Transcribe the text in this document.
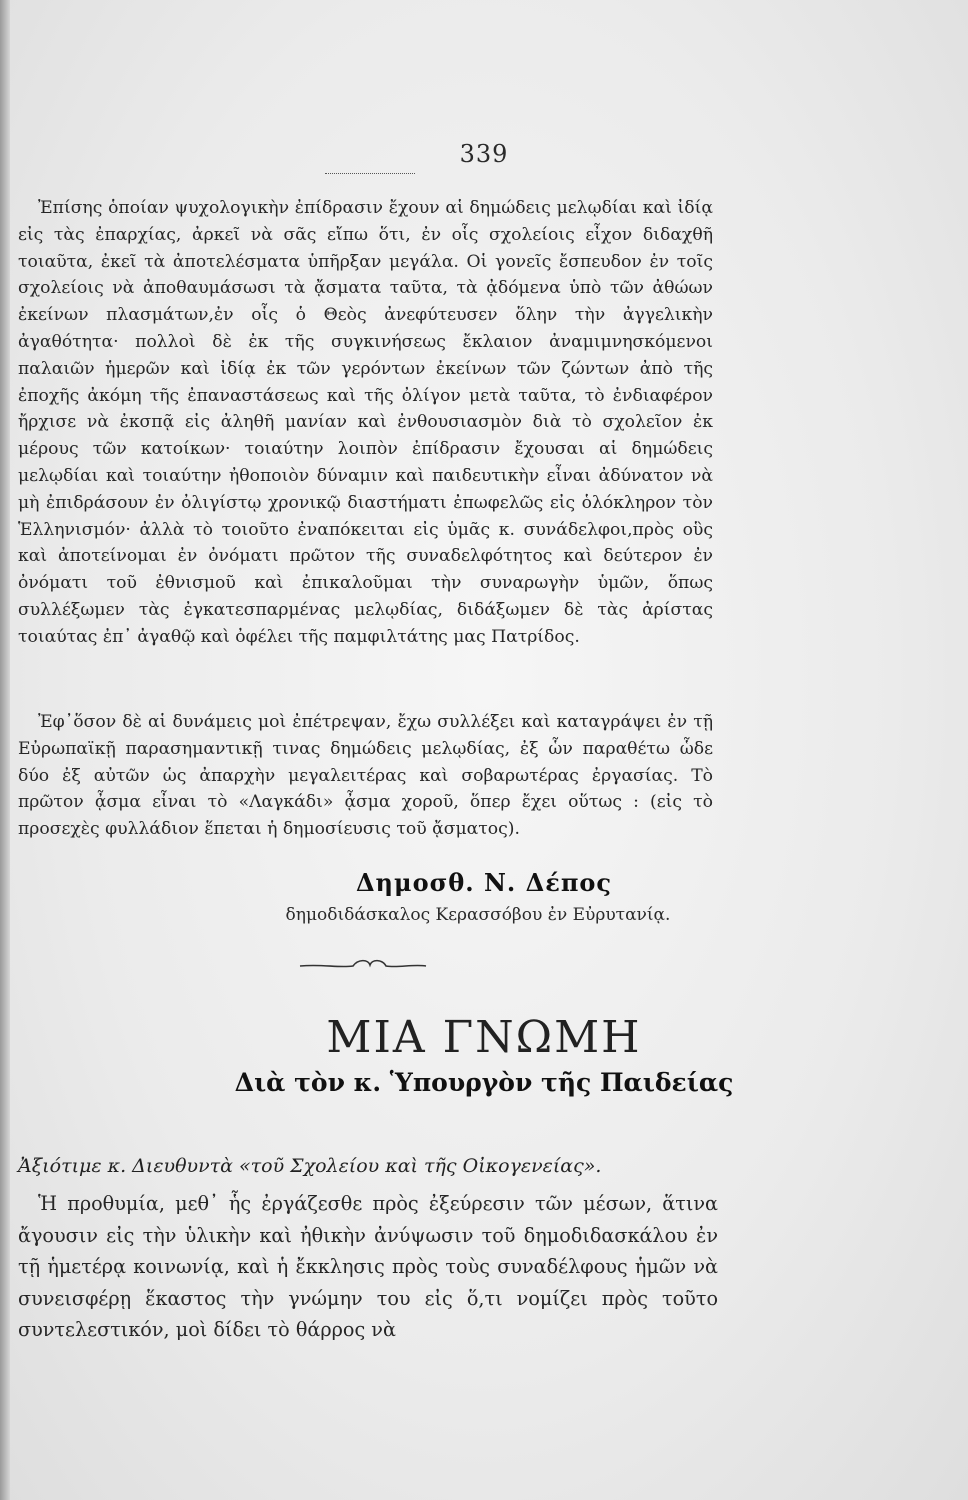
339

Ἐπίσης ὁποίαν ψυχολογικὴν ἐπίδρασιν ἔχουν αἱ δημώδεις μελῳδίαι καὶ ἰδίᾳ εἰς τὰς ἐπαρχίας, ἀρκεῖ νὰ σᾶς εἴπω ὅτι, ἐν οἷς σχολείοις εἶχον διδαχθῆ τοιαῦτα, ἐκεῖ τὰ ἀποτελέσματα ὑπῆρξαν μεγάλα. Οἱ γονεῖς ἔσπευδον ἐν τοῖς σχολείοις νὰ ἀποθαυμάσωσι τὰ ᾄσματα ταῦτα, τὰ ᾀδόμενα ὑπὸ τῶν ἀθώων ἐκείνων πλασμάτων,ἐν οἷς ὁ Θεὸς ἀνεφύτευσεν ὅλην τὴν ἀγγελικὴν ἀγαθότητα· πολλοὶ δὲ ἐκ τῆς συγκινήσεως ἔκλαιον ἀναμιμνησκόμενοι παλαιῶν ἡμερῶν καὶ ἰδίᾳ ἐκ τῶν γερόντων ἐκείνων τῶν ζώντων ἀπὸ τῆς ἐποχῆς ἀκόμη τῆς ἐπαναστάσεως καὶ τῆς ὀλίγον μετὰ ταῦτα, τὸ ἐνδιαφέρον ἤρχισε νὰ ἐκσπᾷ εἰς ἀληθῆ μανίαν καὶ ἐνθουσιασμὸν διὰ τὸ σχολεῖον ἐκ μέρους τῶν κατοίκων· τοιαύτην λοιπὸν ἐπίδρασιν ἔχουσαι αἱ δημώδεις μελῳδίαι καὶ τοιαύτην ἠθοποιὸν δύναμιν καὶ παιδευτικὴν εἶναι ἀδύνατον νὰ μὴ ἐπιδράσουν ἐν ὀλιγίστῳ χρονικῷ διαστήματι ἐπωφελῶς εἰς ὁλόκληρον τὸν Ἑλληνισμόν· ἀλλὰ τὸ τοιοῦτο ἐναπόκειται εἰς ὑμᾶς κ. συνάδελφοι,πρὸς οὓς καὶ ἀποτείνομαι ἐν ὀνόματι πρῶτον τῆς συναδελφότητος καὶ δεύτερον ἐν ὀνόματι τοῦ ἐθνισμοῦ καὶ ἐπικαλοῦμαι τὴν συναρωγὴν ὑμῶν, ὅπως συλλέξωμεν τὰς ἐγκατεσπαρμένας μελῳδίας, διδάξωμεν δὲ τὰς ἀρίστας τοιαύτας ἐπ᾽ ἀγαθῷ καὶ ὀφέλει τῆς παμφιλτάτης μας Πατρίδος.

Ἐφ᾽ὅσον δὲ αἱ δυνάμεις μοὶ ἐπέτρεψαν, ἔχω συλλέξει καὶ καταγράψει ἐν τῇ Εὐρωπαϊκῇ παρασημαντικῇ τινας δημώδεις μελῳδίας, ἐξ ὧν παραθέτω ὧδε δύο ἐξ αὐτῶν ὡς ἀπαρχὴν μεγαλειτέρας καὶ σοβαρωτέρας ἐργασίας. Τὸ πρῶτον ᾆσμα εἶναι τὸ «Λαγκάδι» ᾆσμα χοροῦ, ὅπερ ἔχει οὕτως : (εἰς τὸ προσεχὲς φυλλάδιον ἕπεται ἡ δημοσίευσις τοῦ ᾄσματος).

Δημοσθ. Ν. Δέπος
δημοδιδάσκαλος Κερασσόβου ἐν Εὐρυτανίᾳ.
ΜΙΑ ΓΝΩΜΗ
Διὰ τὸν κ. Ὑπουργὸν τῆς Παιδείας

Ἀξιότιμε κ. Διευθυντὰ «τοῦ Σχολείου καὶ τῆς Οἰκογενείας».

Ἡ προθυμία, μεθ᾽ ἧς ἐργάζεσθε πρὸς ἐξεύρεσιν τῶν μέσων, ἅτινα ἄγουσιν εἰς τὴν ὑλικὴν καὶ ἠθικὴν ἀνύψωσιν τοῦ δημοδιδασκάλου ἐν τῇ ἡμετέρᾳ κοινωνίᾳ, καὶ ἡ ἔκκλησις πρὸς τοὺς συναδέλφους ἡμῶν νὰ συνεισφέρῃ ἕκαστος τὴν γνώμην του εἰς ὅ,τι νομίζει πρὸς τοῦτο συντελεστικόν, μοὶ δίδει τὸ θάρρος νὰ
